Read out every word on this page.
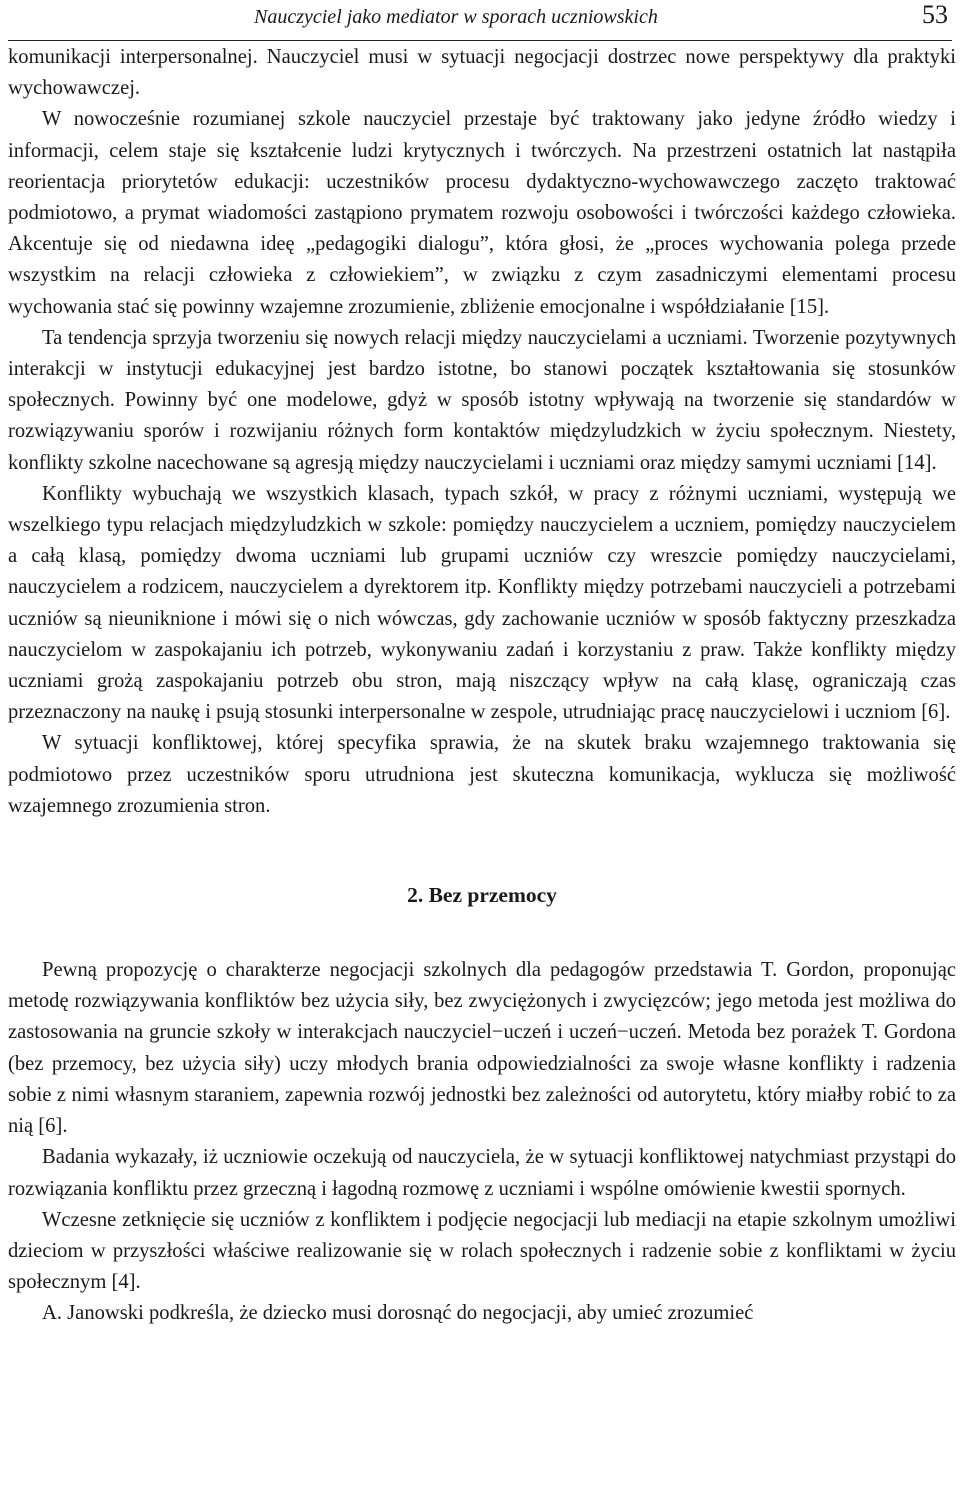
Nauczyciel jako mediator w sporach uczniowskich	53

komunikacji interpersonalnej. Nauczyciel musi w sytuacji negocjacji dostrzec nowe perspektywy dla praktyki wychowawczej.

W nowocześnie rozumianej szkole nauczyciel przestaje być traktowany jako jedyne źródło wiedzy i informacji, celem staje się kształcenie ludzi krytycznych i twórczych. Na przestrzeni ostatnich lat nastąpiła reorientacja priorytetów edukacji: uczestników procesu dydaktyczno-wychowawczego zaczęto traktować podmiotowo, a prymat wiadomości zastąpiono prymatem rozwoju osobowości i twórczości każdego człowieka. Akcentuje się od niedawna ideę „pedagogiki dialogu”, która głosi, że „proces wychowania polega przede wszystkim na relacji człowieka z człowiekiem”, w związku z czym zasadniczymi elementami procesu wychowania stać się powinny wzajemne zrozumienie, zbliżenie emocjonalne i współdziałanie [15].

Ta tendencja sprzyja tworzeniu się nowych relacji między nauczycielami a uczniami. Tworzenie pozytywnych interakcji w instytucji edukacyjnej jest bardzo istotne, bo stanowi początek kształtowania się stosunków społecznych. Powinny być one modelowe, gdyż w sposób istotny wpływają na tworzenie się standardów w rozwiązywaniu sporów i rozwijaniu różnych form kontaktów międzyludzkich w życiu społecznym. Niestety, konflikty szkolne nacechowane są agresją między nauczycielami i uczniami oraz między samymi uczniami [14].

Konflikty wybuchają we wszystkich klasach, typach szkół, w pracy z różnymi uczniami, występują we wszelkiego typu relacjach międzyludzkich w szkole: pomiędzy nauczycielem a uczniem, pomiędzy nauczycielem a całą klasą, pomiędzy dwoma uczniami lub grupami uczniów czy wreszcie pomiędzy nauczycielami, nauczycielem a rodzicem, nauczycielem a dyrektorem itp. Konflikty między potrzebami nauczycieli a potrzebami uczniów są nieuniknione i mówi się o nich wówczas, gdy zachowanie uczniów w sposób faktyczny przeszkadza nauczycielom w zaspokajaniu ich potrzeb, wykonywaniu zadań i korzystaniu z praw. Także konflikty między uczniami grożą zaspokajaniu potrzeb obu stron, mają niszczący wpływ na całą klasę, ograniczają czas przeznaczony na naukę i psują stosunki interpersonalne w zespole, utrudniając pracę nauczycielowi i uczniom [6].

W sytuacji konfliktowej, której specyfika sprawia, że na skutek braku wzajemnego traktowania się podmiotowo przez uczestników sporu utrudniona jest skuteczna komunikacja, wyklucza się możliwość wzajemnego zrozumienia stron.

2. Bez przemocy

Pewną propozycję o charakterze negocjacji szkolnych dla pedagogów przedstawia T. Gordon, proponując metodę rozwiązywania konfliktów bez użycia siły, bez zwyciężonych i zwycięzców; jego metoda jest możliwa do zastosowania na gruncie szkoły w interakcjach nauczyciel−uczeń i uczeń−uczeń. Metoda bez porażek T. Gordona (bez przemocy, bez użycia siły) uczy młodych brania odpowiedzialności za swoje własne konflikty i radzenia sobie z nimi własnym staraniem, zapewnia rozwój jednostki bez zależności od autorytetu, który miałby robić to za nią [6].

Badania wykazały, iż uczniowie oczekują od nauczyciela, że w sytuacji konfliktowej natychmiast przystąpi do rozwiązania konfliktu przez grzeczną i łagodną rozmowę z uczniami i wspólne omówienie kwestii spornych.

Wczesne zetknięcie się uczniów z konfliktem i podjęcie negocjacji lub mediacji na etapie szkolnym umożliwi dzieciom w przyszłości właściwe realizowanie się w rolach społecznych i radzenie sobie z konfliktami w życiu społecznym [4].

A. Janowski podkreśla, że dziecko musi dorosnąć do negocjacji, aby umieć zrozumieć
